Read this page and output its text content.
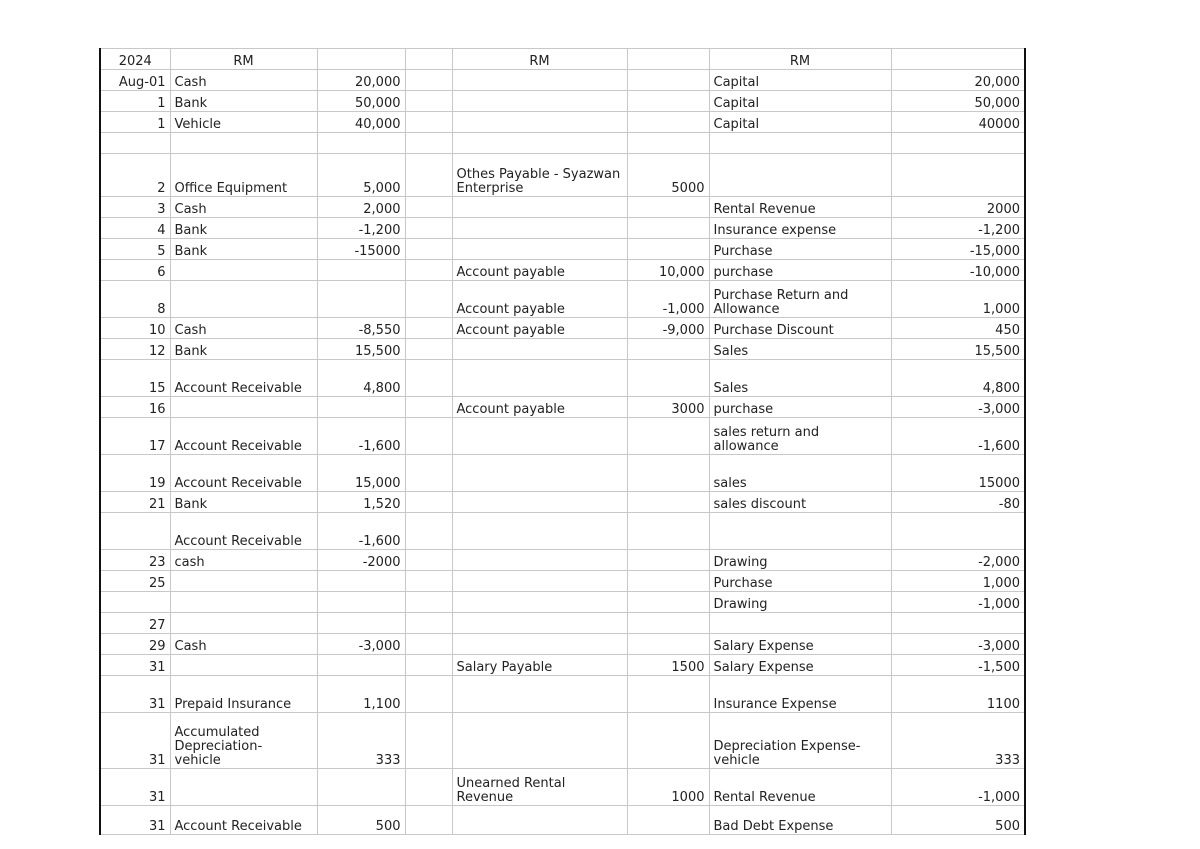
2024	RM			RM		RM	
Aug-01	Cash	20,000				Capital	20,000
1	Bank	50,000				Capital	50,000
1	Vehicle	40,000				Capital	40000

2	Office Equipment	5,000		Othes Payable - Syazwan Enterprise	5000		
3	Cash	2,000				Rental Revenue	2000
4	Bank	-1,200				Insurance expense	-1,200
5	Bank	-15000				Purchase	-15,000
6				Account payable	10,000	purchase	-10,000
8				Account payable	-1,000	Purchase Return and Allowance	1,000
10	Cash	-8,550		Account payable	-9,000	Purchase Discount	450
12	Bank	15,500				Sales	15,500
15	Account Receivable	4,800				Sales	4,800
16				Account payable	3000	purchase	-3,000
17	Account Receivable	-1,600				sales return and allowance	-1,600
19	Account Receivable	15,000				sales	15000
21	Bank	1,520				sales discount	-80
	Account Receivable	-1,600					
23	cash	-2000				Drawing	-2,000
25						Purchase	1,000
						Drawing	-1,000
27							
29	Cash	-3,000				Salary Expense	-3,000
31				Salary Payable	1500	Salary Expense	-1,500
31	Prepaid Insurance	1,100				Insurance Expense	1100
31	Accumulated Depreciation- vehicle	333				Depreciation Expense- vehicle	333
31				Unearned Rental Revenue	1000	Rental Revenue	-1,000
31	Account Receivable	500				Bad Debt Expense	500
